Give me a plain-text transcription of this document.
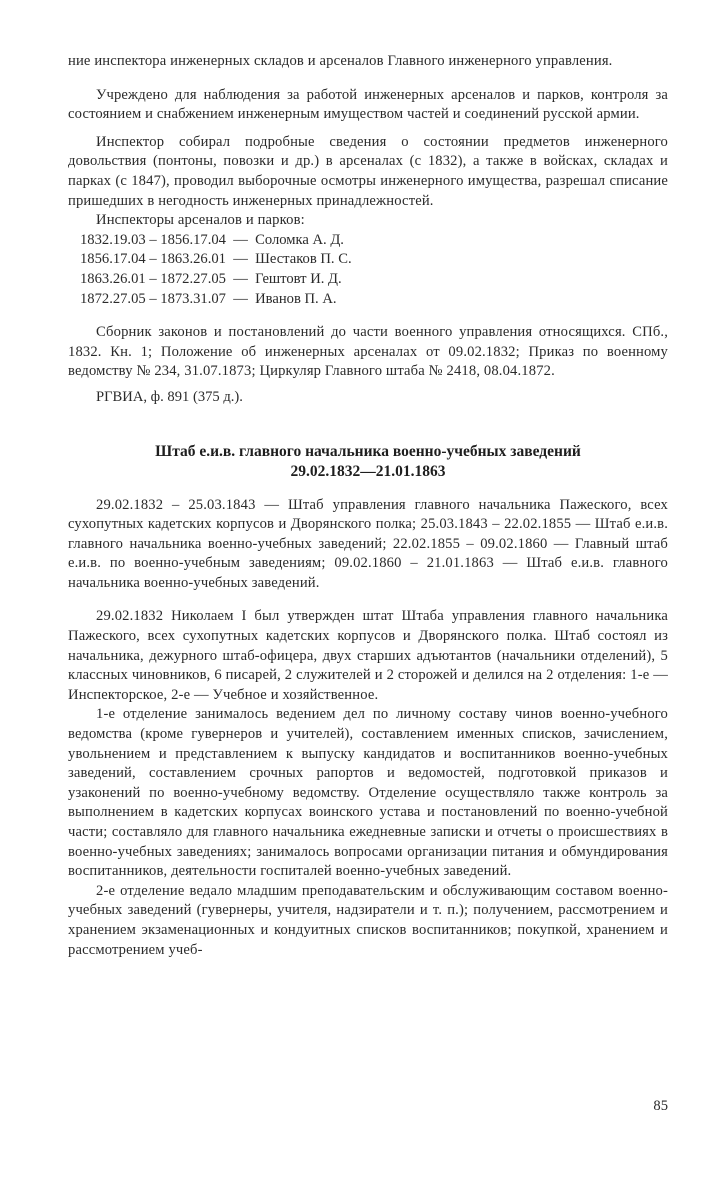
ние инспектора инженерных складов и арсеналов Главного инженерного управления.

Учреждено для наблюдения за работой инженерных арсеналов и парков, контроля за состоянием и снабжением инженерным имуществом частей и соединений русской армии.

Инспектор собирал подробные сведения о состоянии предметов инженерного довольствия (понтоны, повозки и др.) в арсеналах (с 1832), а также в войсках, складах и парках (с 1847), проводил выборочные осмотры инженерного имущества, разрешал списание пришедших в негодность инженерных принадлежностей.

Инспекторы арсеналов и парков:

1832.19.03 – 1856.17.04  —  Соломка А. Д.
1856.17.04 – 1863.26.01  —  Шестаков П. С.
1863.26.01 – 1872.27.05  —  Гештовт И. Д.
1872.27.05 – 1873.31.07  —  Иванов П. А.

Сборник законов и постановлений до части военного управления относящихся. СПб., 1832. Кн. 1; Положение об инженерных арсеналах от 09.02.1832; Приказ по военному ведомству № 234, 31.07.1873; Циркуляр Главного штаба № 2418, 08.04.1872.

РГВИА, ф. 891 (375 д.).

Штаб е.и.в. главного начальника военно-учебных заведений
29.02.1832—21.01.1863

29.02.1832 – 25.03.1843 — Штаб управления главного начальника Пажеского, всех сухопутных кадетских корпусов и Дворянского полка; 25.03.1843 – 22.02.1855 — Штаб е.и.в. главного начальника военно-учебных заведений; 22.02.1855 – 09.02.1860 — Главный штаб е.и.в. по военно-учебным заведениям; 09.02.1860 – 21.01.1863 — Штаб е.и.в. главного начальника военно-учебных заведений.

29.02.1832 Николаем I был утвержден штат Штаба управления главного начальника Пажеского, всех сухопутных кадетских корпусов и Дворянского полка. Штаб состоял из начальника, дежурного штаб-офицера, двух старших адъютантов (начальники отделений), 5 классных чиновников, 6 писарей, 2 служителей и 2 сторожей и делился на 2 отделения: 1-е — Инспекторское, 2-е — Учебное и хозяйственное.

1-е отделение занималось ведением дел по личному составу чинов военно-учебного ведомства (кроме гувернеров и учителей), составлением именных списков, зачислением, увольнением и представлением к выпуску кандидатов и воспитанников военно-учебных заведений, составлением срочных рапортов и ведомостей, подготовкой приказов и узаконений по военно-учебному ведомству. Отделение осуществляло также контроль за выполнением в кадетских корпусах воинского устава и постановлений по военно-учебной части; составляло для главного начальника ежедневные записки и отчеты о происшествиях в военно-учебных заведениях; занималось вопросами организации питания и обмундирования воспитанников, деятельности госпиталей военно-учебных заведений.

2-е отделение ведало младшим преподавательским и обслуживающим составом военно-учебных заведений (гувернеры, учителя, надзиратели и т. п.); получением, рассмотрением и хранением экзаменационных и кондуитных списков воспитанников; покупкой, хранением и рассмотрением учеб-

85
